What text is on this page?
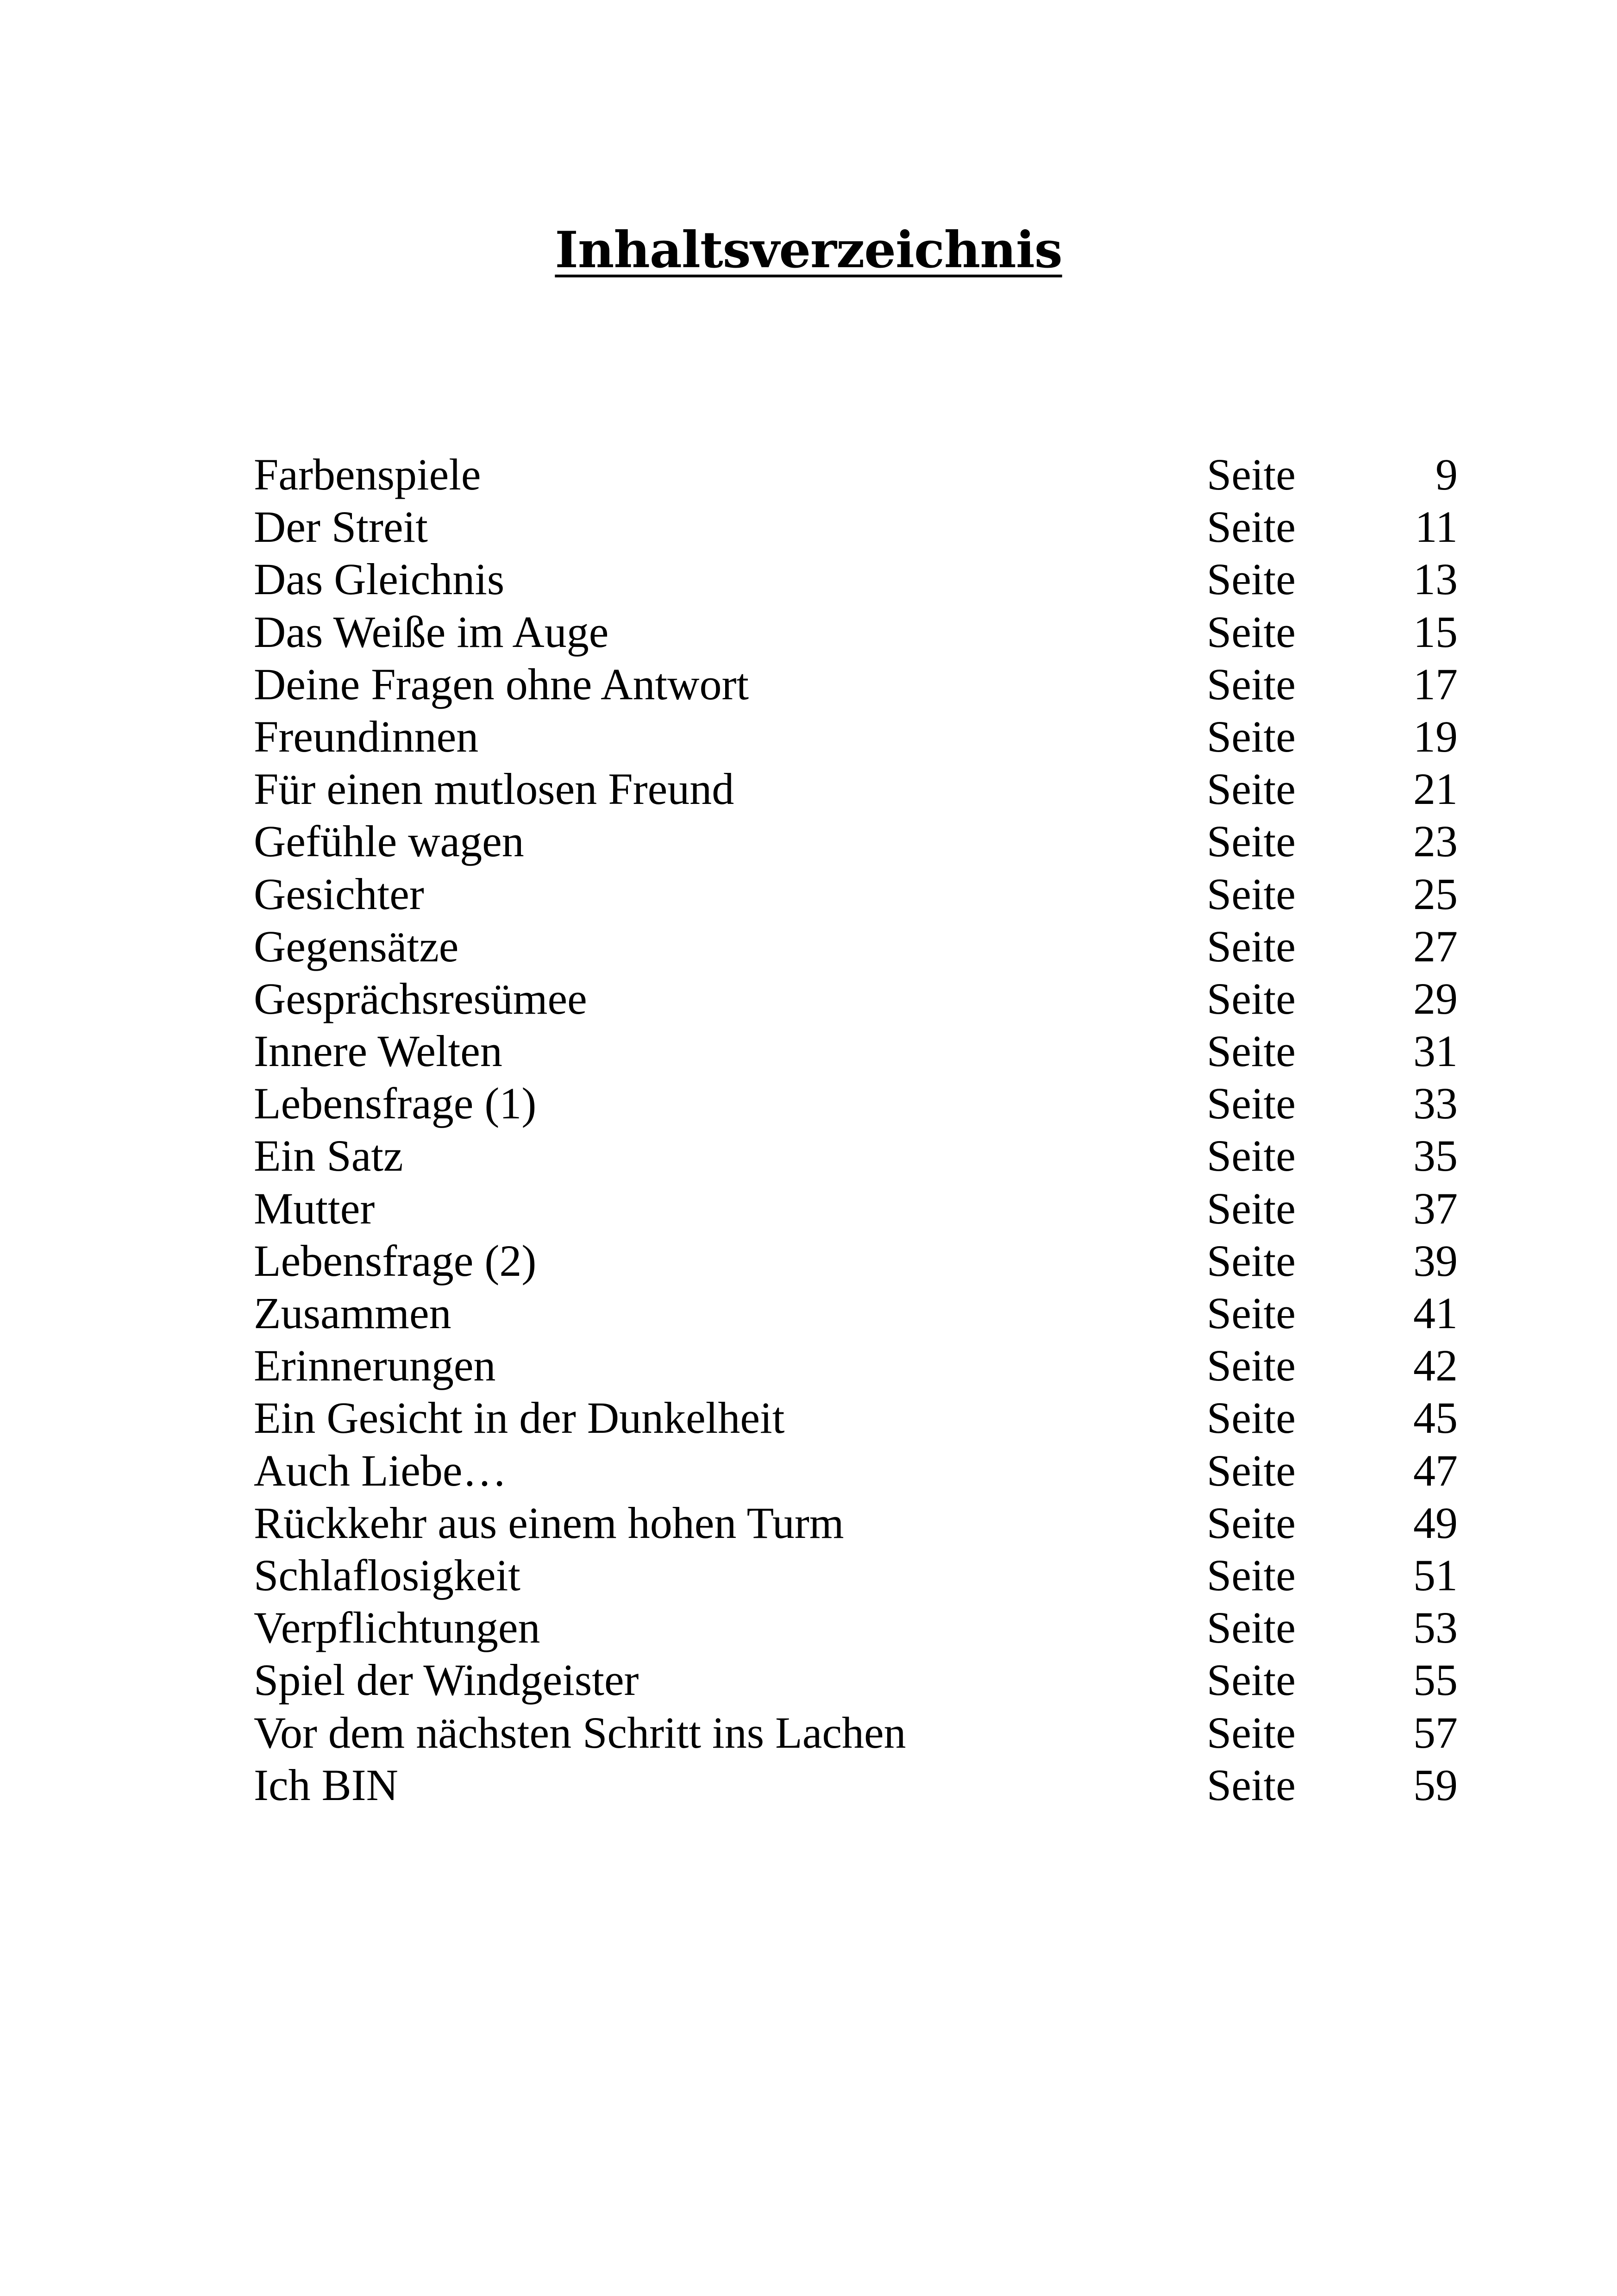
Inhaltsverzeichnis
Farbenspiele	Seite	9
Der Streit	Seite	11
Das Gleichnis	Seite	13
Das Weiße im Auge	Seite	15
Deine Fragen ohne Antwort	Seite	17
Freundinnen	Seite	19
Für einen mutlosen Freund	Seite	21
Gefühle wagen	Seite	23
Gesichter	Seite	25
Gegensätze	Seite	27
Gesprächsresümee	Seite	29
Innere Welten	Seite	31
Lebensfrage (1)	Seite	33
Ein Satz	Seite	35
Mutter	Seite	37
Lebensfrage (2)	Seite	39
Zusammen	Seite	41
Erinnerungen	Seite	42
Ein Gesicht in der Dunkelheit	Seite	45
Auch Liebe…	Seite	47
Rückkehr aus einem hohen Turm	Seite	49
Schlaflosigkeit	Seite	51
Verpflichtungen	Seite	53
Spiel der Windgeister	Seite	55
Vor dem nächsten Schritt ins Lachen	Seite	57
Ich BIN	Seite	59
